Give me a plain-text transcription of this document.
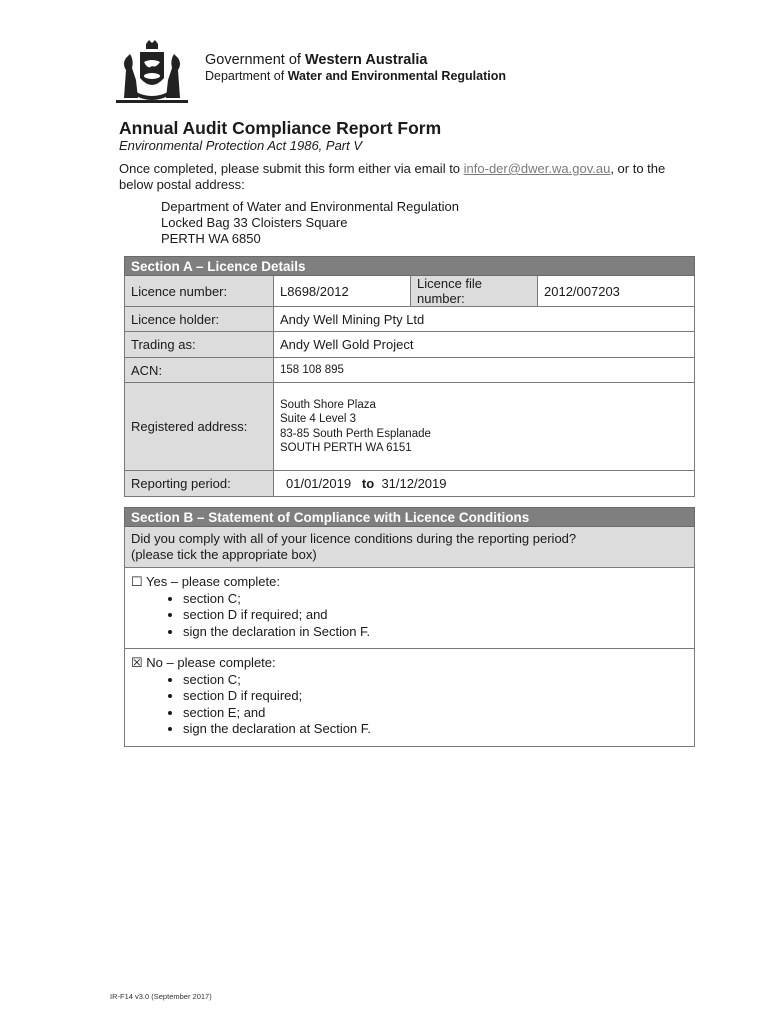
Government of Western Australia
Department of Water and Environmental Regulation
Annual Audit Compliance Report Form
Environmental Protection Act 1986, Part V
Once completed, please submit this form either via email to info-der@dwer.wa.gov.au, or to the below postal address:
Department of Water and Environmental Regulation
Locked Bag 33 Cloisters Square
PERTH WA 6850
Section A – Licence Details			
Licence number:	L8698/2012	Licence file number:	2012/007203
Licence holder:	Andy Well Mining Pty Ltd		
Trading as:	Andy Well Gold Project		
ACN:	158 108 895		
Registered address:	South Shore Plaza
Suite 4 Level 3
83-85 South Perth Esplanade
SOUTH PERTH WA 6151		

Reporting period:	01/01/2019 to 31/12/2019		
Section B – Statement of Compliance with Licence Conditions

Did you comply with all of your licence conditions during the reporting period?
(please tick the appropriate box)

☐ Yes – please complete:
• section C;
• section D if required; and
• sign the declaration in Section F.

☒ No – please complete:
• section C;
• section D if required;
• section E; and
• sign the declaration at Section F.
IR-F14 v3.0 (September 2017)
